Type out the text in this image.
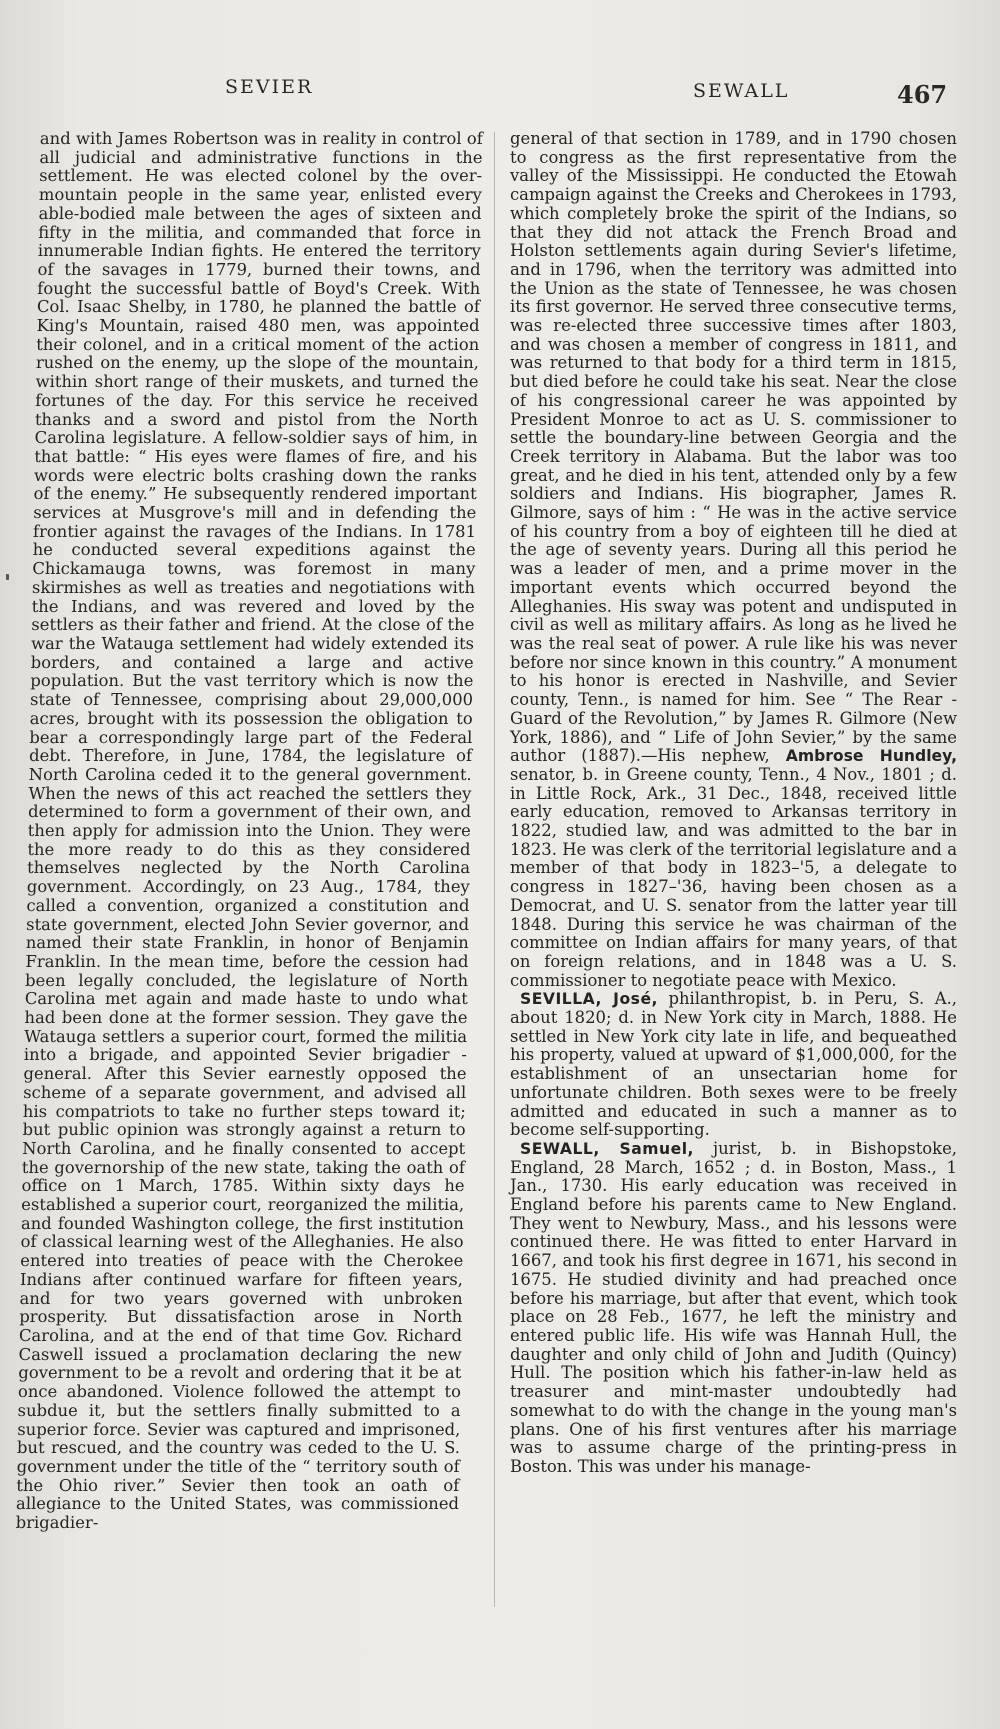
SEVIER	SEWALL	467

and with James Robertson was in reality in control of all judicial and administrative functions in the settlement. He was elected colonel by the over-mountain people in the same year, enlisted every able-bodied male between the ages of sixteen and fifty in the militia, and commanded that force in innumerable Indian fights. He entered the territory of the savages in 1779, burned their towns, and fought the successful battle of Boyd's Creek. With Col. Isaac Shelby, in 1780, he planned the battle of King's Mountain, raised 480 men, was appointed their colonel, and in a critical moment of the action rushed on the enemy, up the slope of the mountain, within short range of their muskets, and turned the fortunes of the day. For this service he received thanks and a sword and pistol from the North Carolina legislature. A fellow-soldier says of him, in that battle: “ His eyes were flames of fire, and his words were electric bolts crashing down the ranks of the enemy.” He subsequently rendered important services at Musgrove's mill and in defending the frontier against the ravages of the Indians. In 1781 he conducted several expeditions against the Chickamauga towns, was foremost in many skirmishes as well as treaties and negotiations with the Indians, and was revered and loved by the settlers as their father and friend. At the close of the war the Watauga settlement had widely extended its borders, and contained a large and active population. But the vast territory which is now the state of Tennessee, comprising about 29,000,000 acres, brought with its possession the obligation to bear a correspondingly large part of the Federal debt. Therefore, in June, 1784, the legislature of North Carolina ceded it to the general government. When the news of this act reached the settlers they determined to form a government of their own, and then apply for admission into the Union. They were the more ready to do this as they considered themselves neglected by the North Carolina government. Accordingly, on 23 Aug., 1784, they called a convention, organized a constitution and state government, elected John Sevier governor, and named their state Franklin, in honor of Benjamin Franklin. In the mean time, before the cession had been legally concluded, the legislature of North Carolina met again and made haste to undo what had been done at the former session. They gave the Watauga settlers a superior court, formed the militia into a brigade, and appointed Sevier brigadier - general. After this Sevier earnestly opposed the scheme of a separate government, and advised all his compatriots to take no further steps toward it; but public opinion was strongly against a return to North Carolina, and he finally consented to accept the governorship of the new state, taking the oath of office on 1 March, 1785. Within sixty days he established a superior court, reorganized the militia, and founded Washington college, the first institution of classical learning west of the Alleghanies. He also entered into treaties of peace with the Cherokee Indians after continued warfare for fifteen years, and for two years governed with unbroken prosperity. But dissatisfaction arose in North Carolina, and at the end of that time Gov. Richard Caswell issued a proclamation declaring the new government to be a revolt and ordering that it be at once abandoned. Violence followed the attempt to subdue it, but the settlers finally submitted to a superior force. Sevier was captured and imprisoned, but rescued, and the country was ceded to the U. S. government under the title of the “ territory south of the Ohio river.” Sevier then took an oath of allegiance to the United States, was commissioned brigadier-

general of that section in 1789, and in 1790 chosen to congress as the first representative from the valley of the Mississippi. He conducted the Etowah campaign against the Creeks and Cherokees in 1793, which completely broke the spirit of the Indians, so that they did not attack the French Broad and Holston settlements again during Sevier's lifetime, and in 1796, when the territory was admitted into the Union as the state of Tennessee, he was chosen its first governor. He served three consecutive terms, was re-elected three successive times after 1803, and was chosen a member of congress in 1811, and was returned to that body for a third term in 1815, but died before he could take his seat. Near the close of his congressional career he was appointed by President Monroe to act as U. S. commissioner to settle the boundary-line between Georgia and the Creek territory in Alabama. But the labor was too great, and he died in his tent, attended only by a few soldiers and Indians. His biographer, James R. Gilmore, says of him : “ He was in the active service of his country from a boy of eighteen till he died at the age of seventy years. During all this period he was a leader of men, and a prime mover in the important events which occurred beyond the Alleghanies. His sway was potent and undisputed in civil as well as military affairs. As long as he lived he was the real seat of power. A rule like his was never before nor since known in this country.” A monument to his honor is erected in Nashville, and Sevier county, Tenn., is named for him. See “ The Rear - Guard of the Revolution,” by James R. Gilmore (New York, 1886), and “ Life of John Sevier,” by the same author (1887).—His nephew, Ambrose Hundley, senator, b. in Greene county, Tenn., 4 Nov., 1801 ; d. in Little Rock, Ark., 31 Dec., 1848, received little early education, removed to Arkansas territory in 1822, studied law, and was admitted to the bar in 1823. He was clerk of the territorial legislature and a member of that body in 1823–'5, a delegate to congress in 1827–'36, having been chosen as a Democrat, and U. S. senator from the latter year till 1848. During this service he was chairman of the committee on Indian affairs for many years, of that on foreign relations, and in 1848 was a U. S. commissioner to negotiate peace with Mexico.

SEVILLA, José, philanthropist, b. in Peru, S. A., about 1820; d. in New York city in March, 1888. He settled in New York city late in life, and bequeathed his property, valued at upward of $1,000,000, for the establishment of an unsectarian home for unfortunate children. Both sexes were to be freely admitted and educated in such a manner as to become self-supporting.

SEWALL, Samuel, jurist, b. in Bishopstoke, England, 28 March, 1652 ; d. in Boston, Mass., 1 Jan., 1730. His early education was received in England before his parents came to New England. They went to Newbury, Mass., and his lessons were continued there. He was fitted to enter Harvard in 1667, and took his first degree in 1671, his second in 1675. He studied divinity and had preached once before his marriage, but after that event, which took place on 28 Feb., 1677, he left the ministry and entered public life. His wife was Hannah Hull, the daughter and only child of John and Judith (Quincy) Hull. The position which his father-in-law held as treasurer and mint-master undoubtedly had somewhat to do with the change in the young man's plans. One of his first ventures after his marriage was to assume charge of the printing-press in Boston. This was under his manage-
